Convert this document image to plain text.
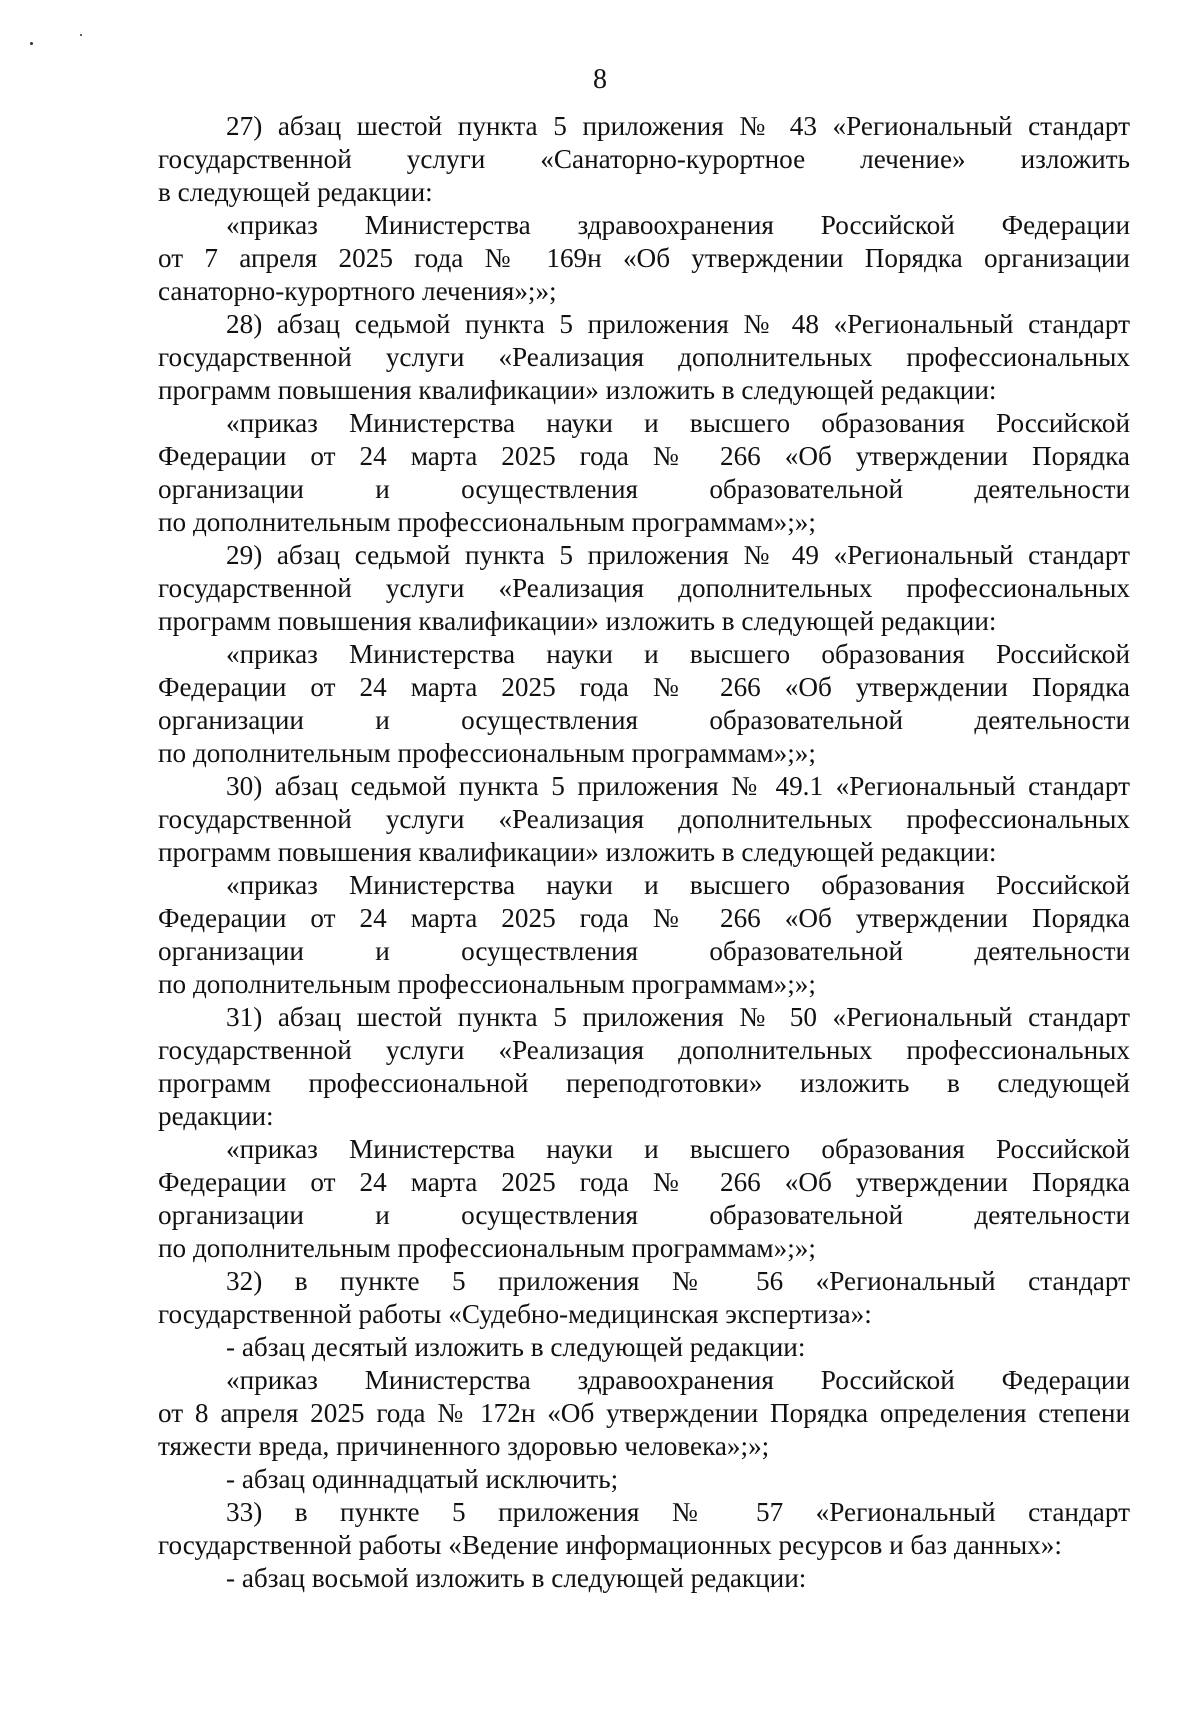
8

27) абзац шестой пункта 5 приложения № 43 «Региональный стандарт
государственной услуги «Санаторно-курортное лечение» изложить
в следующей редакции:

«приказ Министерства здравоохранения Российской Федерации
от 7 апреля 2025 года № 169н «Об утверждении Порядка организации
санаторно-курортного лечения»;»;

28) абзац седьмой пункта 5 приложения № 48 «Региональный стандарт
государственной услуги «Реализация дополнительных профессиональных
программ повышения квалификации» изложить в следующей редакции:

«приказ Министерства науки и высшего образования Российской
Федерации от 24 марта 2025 года № 266 «Об утверждении Порядка
организации и осуществления образовательной деятельности
по дополнительным профессиональным программам»;»;

29) абзац седьмой пункта 5 приложения № 49 «Региональный стандарт
государственной услуги «Реализация дополнительных профессиональных
программ повышения квалификации» изложить в следующей редакции:

«приказ Министерства науки и высшего образования Российской
Федерации от 24 марта 2025 года № 266 «Об утверждении Порядка
организации и осуществления образовательной деятельности
по дополнительным профессиональным программам»;»;

30) абзац седьмой пункта 5 приложения № 49.1 «Региональный стандарт
государственной услуги «Реализация дополнительных профессиональных
программ повышения квалификации» изложить в следующей редакции:

«приказ Министерства науки и высшего образования Российской
Федерации от 24 марта 2025 года № 266 «Об утверждении Порядка
организации и осуществления образовательной деятельности
по дополнительным профессиональным программам»;»;

31) абзац шестой пункта 5 приложения № 50 «Региональный стандарт
государственной услуги «Реализация дополнительных профессиональных
программ профессиональной переподготовки» изложить в следующей
редакции:

«приказ Министерства науки и высшего образования Российской
Федерации от 24 марта 2025 года № 266 «Об утверждении Порядка
организации и осуществления образовательной деятельности
по дополнительным профессиональным программам»;»;

32) в пункте 5 приложения № 56 «Региональный стандарт
государственной работы «Судебно-медицинская экспертиза»:

- абзац десятый изложить в следующей редакции:

«приказ Министерства здравоохранения Российской Федерации
от 8 апреля 2025 года № 172н «Об утверждении Порядка определения степени
тяжести вреда, причиненного здоровью человека»;»;

- абзац одиннадцатый исключить;

33) в пункте 5 приложения № 57 «Региональный стандарт
государственной работы «Ведение информационных ресурсов и баз данных»:

- абзац восьмой изложить в следующей редакции:
